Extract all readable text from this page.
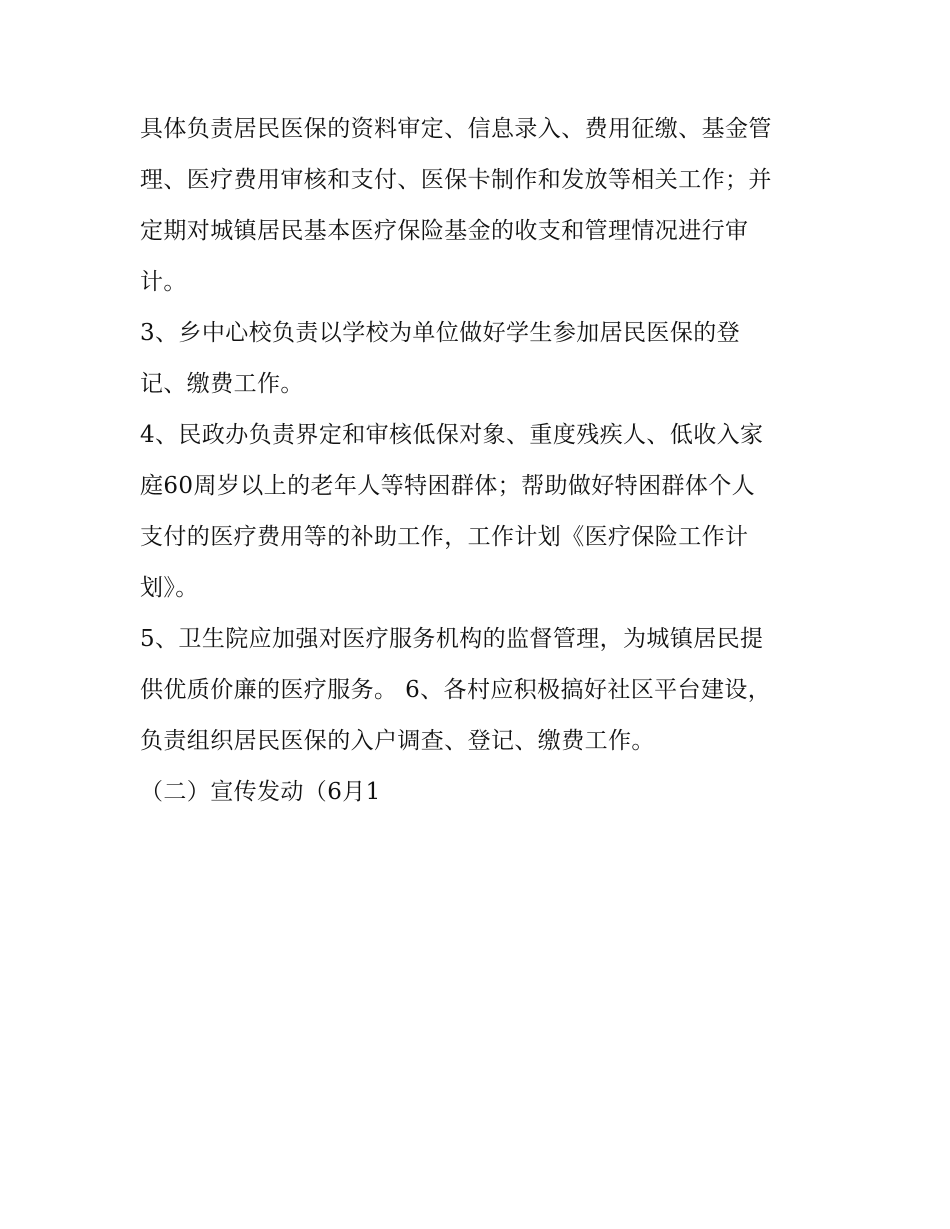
具体负责居民医保的资料审定、信息录入、费用征缴、基金管
理、医疗费用审核和支付、医保卡制作和发放等相关工作；并
定期对城镇居民基本医疗保险基金的收支和管理情况进行审
计。
3、乡中心校负责以学校为单位做好学生参加居民医保的登
记、缴费工作。
4、民政办负责界定和审核低保对象、重度残疾人、低收入家
庭60周岁以上的老年人等特困群体；帮助做好特困群体个人
支付的医疗费用等的补助工作，工作计划《医疗保险工作计
划》。
5、卫生院应加强对医疗服务机构的监督管理，为城镇居民提
供优质价廉的医疗服务。 6、各村应积极搞好社区平台建设，
负责组织居民医保的入户调查、登记、缴费工作。
（二）宣传发动（6月1
